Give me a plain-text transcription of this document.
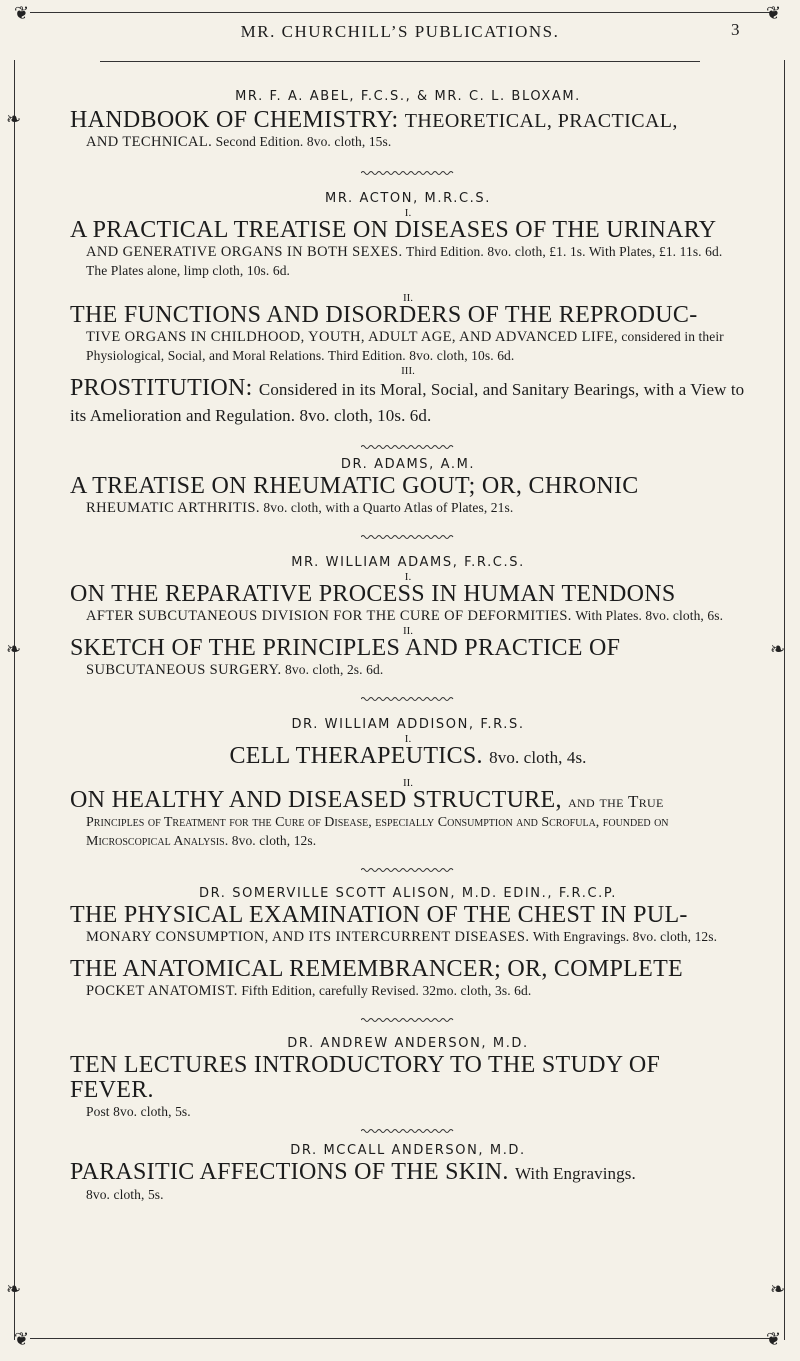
❦	❦
MR. CHURCHILL’S PUBLICATIONS.	3
❧
❧	❧
❧	❧

MR. F. A. ABEL, F.C.S., & MR. C. L. BLOXAM.

HANDBOOK OF CHEMISTRY: THEORETICAL, PRACTICAL,

AND TECHNICAL. Second Edition. 8vo. cloth, 15s.

MR. ACTON, M.R.C.S.

I.

A PRACTICAL TREATISE ON DISEASES OF THE URINARY

AND GENERATIVE ORGANS IN BOTH SEXES. Third Edition. 8vo. cloth, £1. 1s. With Plates, £1. 11s. 6d. The Plates alone, limp cloth, 10s. 6d.

II.

THE FUNCTIONS AND DISORDERS OF THE REPRODUC-

TIVE ORGANS IN CHILDHOOD, YOUTH, ADULT AGE, AND ADVANCED LIFE, considered in their Physiological, Social, and Moral Relations. Third Edition. 8vo. cloth, 10s. 6d.

III.

PROSTITUTION: Considered in its Moral, Social, and Sanitary Bearings, with a View to its Amelioration and Regulation. 8vo. cloth, 10s. 6d.

DR. ADAMS, A.M.

A TREATISE ON RHEUMATIC GOUT; OR, CHRONIC

RHEUMATIC ARTHRITIS. 8vo. cloth, with a Quarto Atlas of Plates, 21s.

MR. WILLIAM ADAMS, F.R.C.S.

I.

ON THE REPARATIVE PROCESS IN HUMAN TENDONS

AFTER SUBCUTANEOUS DIVISION FOR THE CURE OF DEFORMITIES. With Plates. 8vo. cloth, 6s.

II.

SKETCH OF THE PRINCIPLES AND PRACTICE OF

SUBCUTANEOUS SURGERY. 8vo. cloth, 2s. 6d.

DR. WILLIAM ADDISON, F.R.S.

I.

CELL THERAPEUTICS. 8vo. cloth, 4s.

II.

ON HEALTHY AND DISEASED STRUCTURE, and the True

Principles of Treatment for the Cure of Disease, especially Consumption and Scrofula, founded on Microscopical Analysis. 8vo. cloth, 12s.

DR. SOMERVILLE SCOTT ALISON, M.D. EDIN., F.R.C.P.

THE PHYSICAL EXAMINATION OF THE CHEST IN PUL-

MONARY CONSUMPTION, AND ITS INTERCURRENT DISEASES. With Engravings. 8vo. cloth, 12s.

THE ANATOMICAL REMEMBRANCER; OR, COMPLETE

POCKET ANATOMIST. Fifth Edition, carefully Revised. 32mo. cloth, 3s. 6d.

DR. ANDREW ANDERSON, M.D.

TEN LECTURES INTRODUCTORY TO THE STUDY OF FEVER.

Post 8vo. cloth, 5s.

DR. MCCALL ANDERSON, M.D.

PARASITIC AFFECTIONS OF THE SKIN. With Engravings.

8vo. cloth, 5s.

❦	❦
